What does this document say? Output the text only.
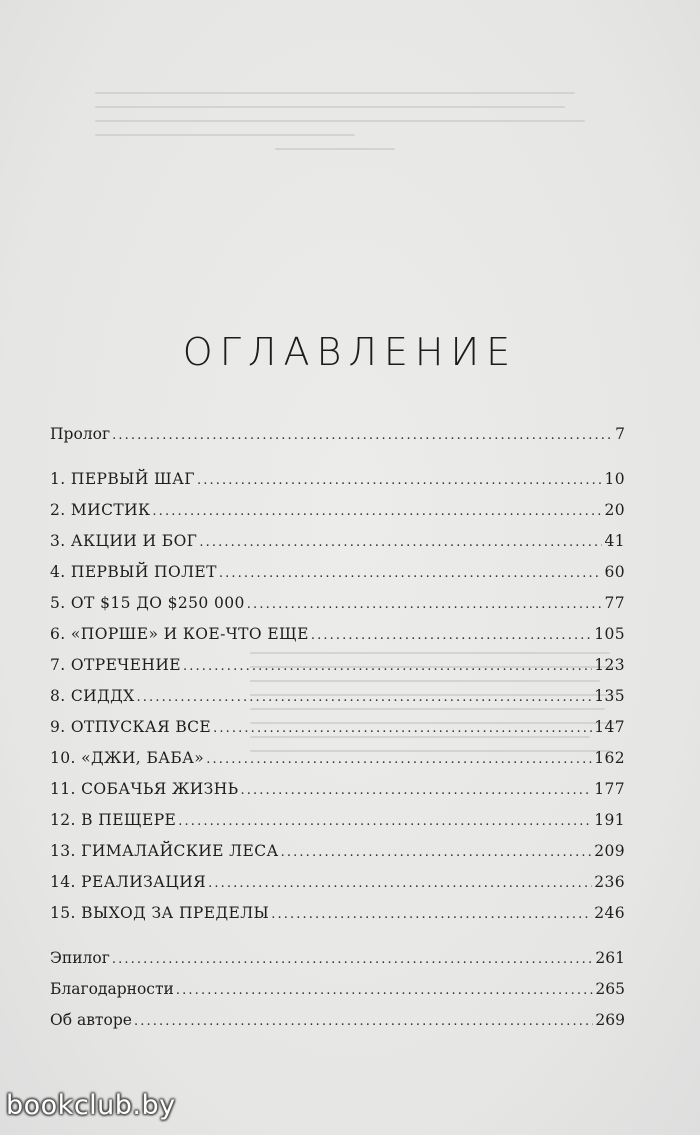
ОГЛАВЛЕНИЕ
Пролог . . .	7
1. ПЕРВЫЙ ШАГ . . .	10
2. МИСТИК . . .	20
3. АКЦИИ И БОГ . . .	41
4. ПЕРВЫЙ ПОЛЕТ . . .	60
5. ОТ $15 ДО $250 000 . . .	77
6. «ПОРШЕ» И КОЕ-ЧТО ЕЩЕ . . .	105
7. ОТРЕЧЕНИЕ . . .	123
8. СИДДХ . . .	135
9. ОТПУСКАЯ ВСЕ . . .	147
10. «ДЖИ, БАБА» . . .	162
11. СОБАЧЬЯ ЖИЗНЬ . . .	177
12. В ПЕЩЕРЕ . . .	191
13. ГИМАЛАЙСКИЕ ЛЕСА . . .	209
14. РЕАЛИЗАЦИЯ . . .	236
15. ВЫХОД ЗА ПРЕДЕЛЫ . . .	246
Эпилог . . .	261
Благодарности . . .	265
Об авторе . . .	269
bookclub.by
